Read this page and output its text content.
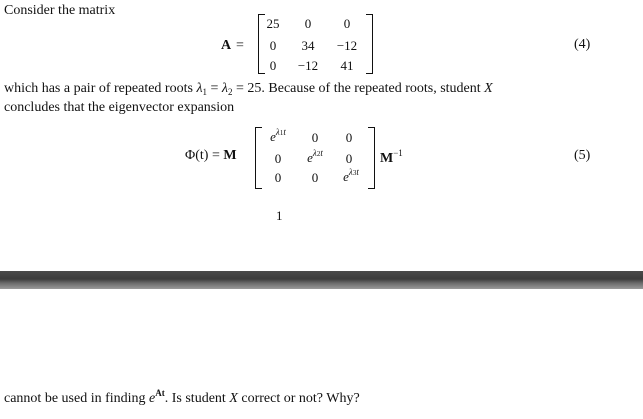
Consider the matrix
A =
25	0	0
0	34	−12
0	−12	41
(4)
which has a pair of repeated roots $\lambda_1 = \lambda_2 = 25$. Because of the repeated roots, student X
concludes that the eigenvector expansion
Φ(t) = M
$e^{\lambda 1t}$	0	0
0	$e^{\lambda 2t}$	0
0	0	$e^{\lambda 3t}$
$M^{-1}$	(5)
1
cannot be used in finding $e^{At}$. Is student X correct or not? Why?
